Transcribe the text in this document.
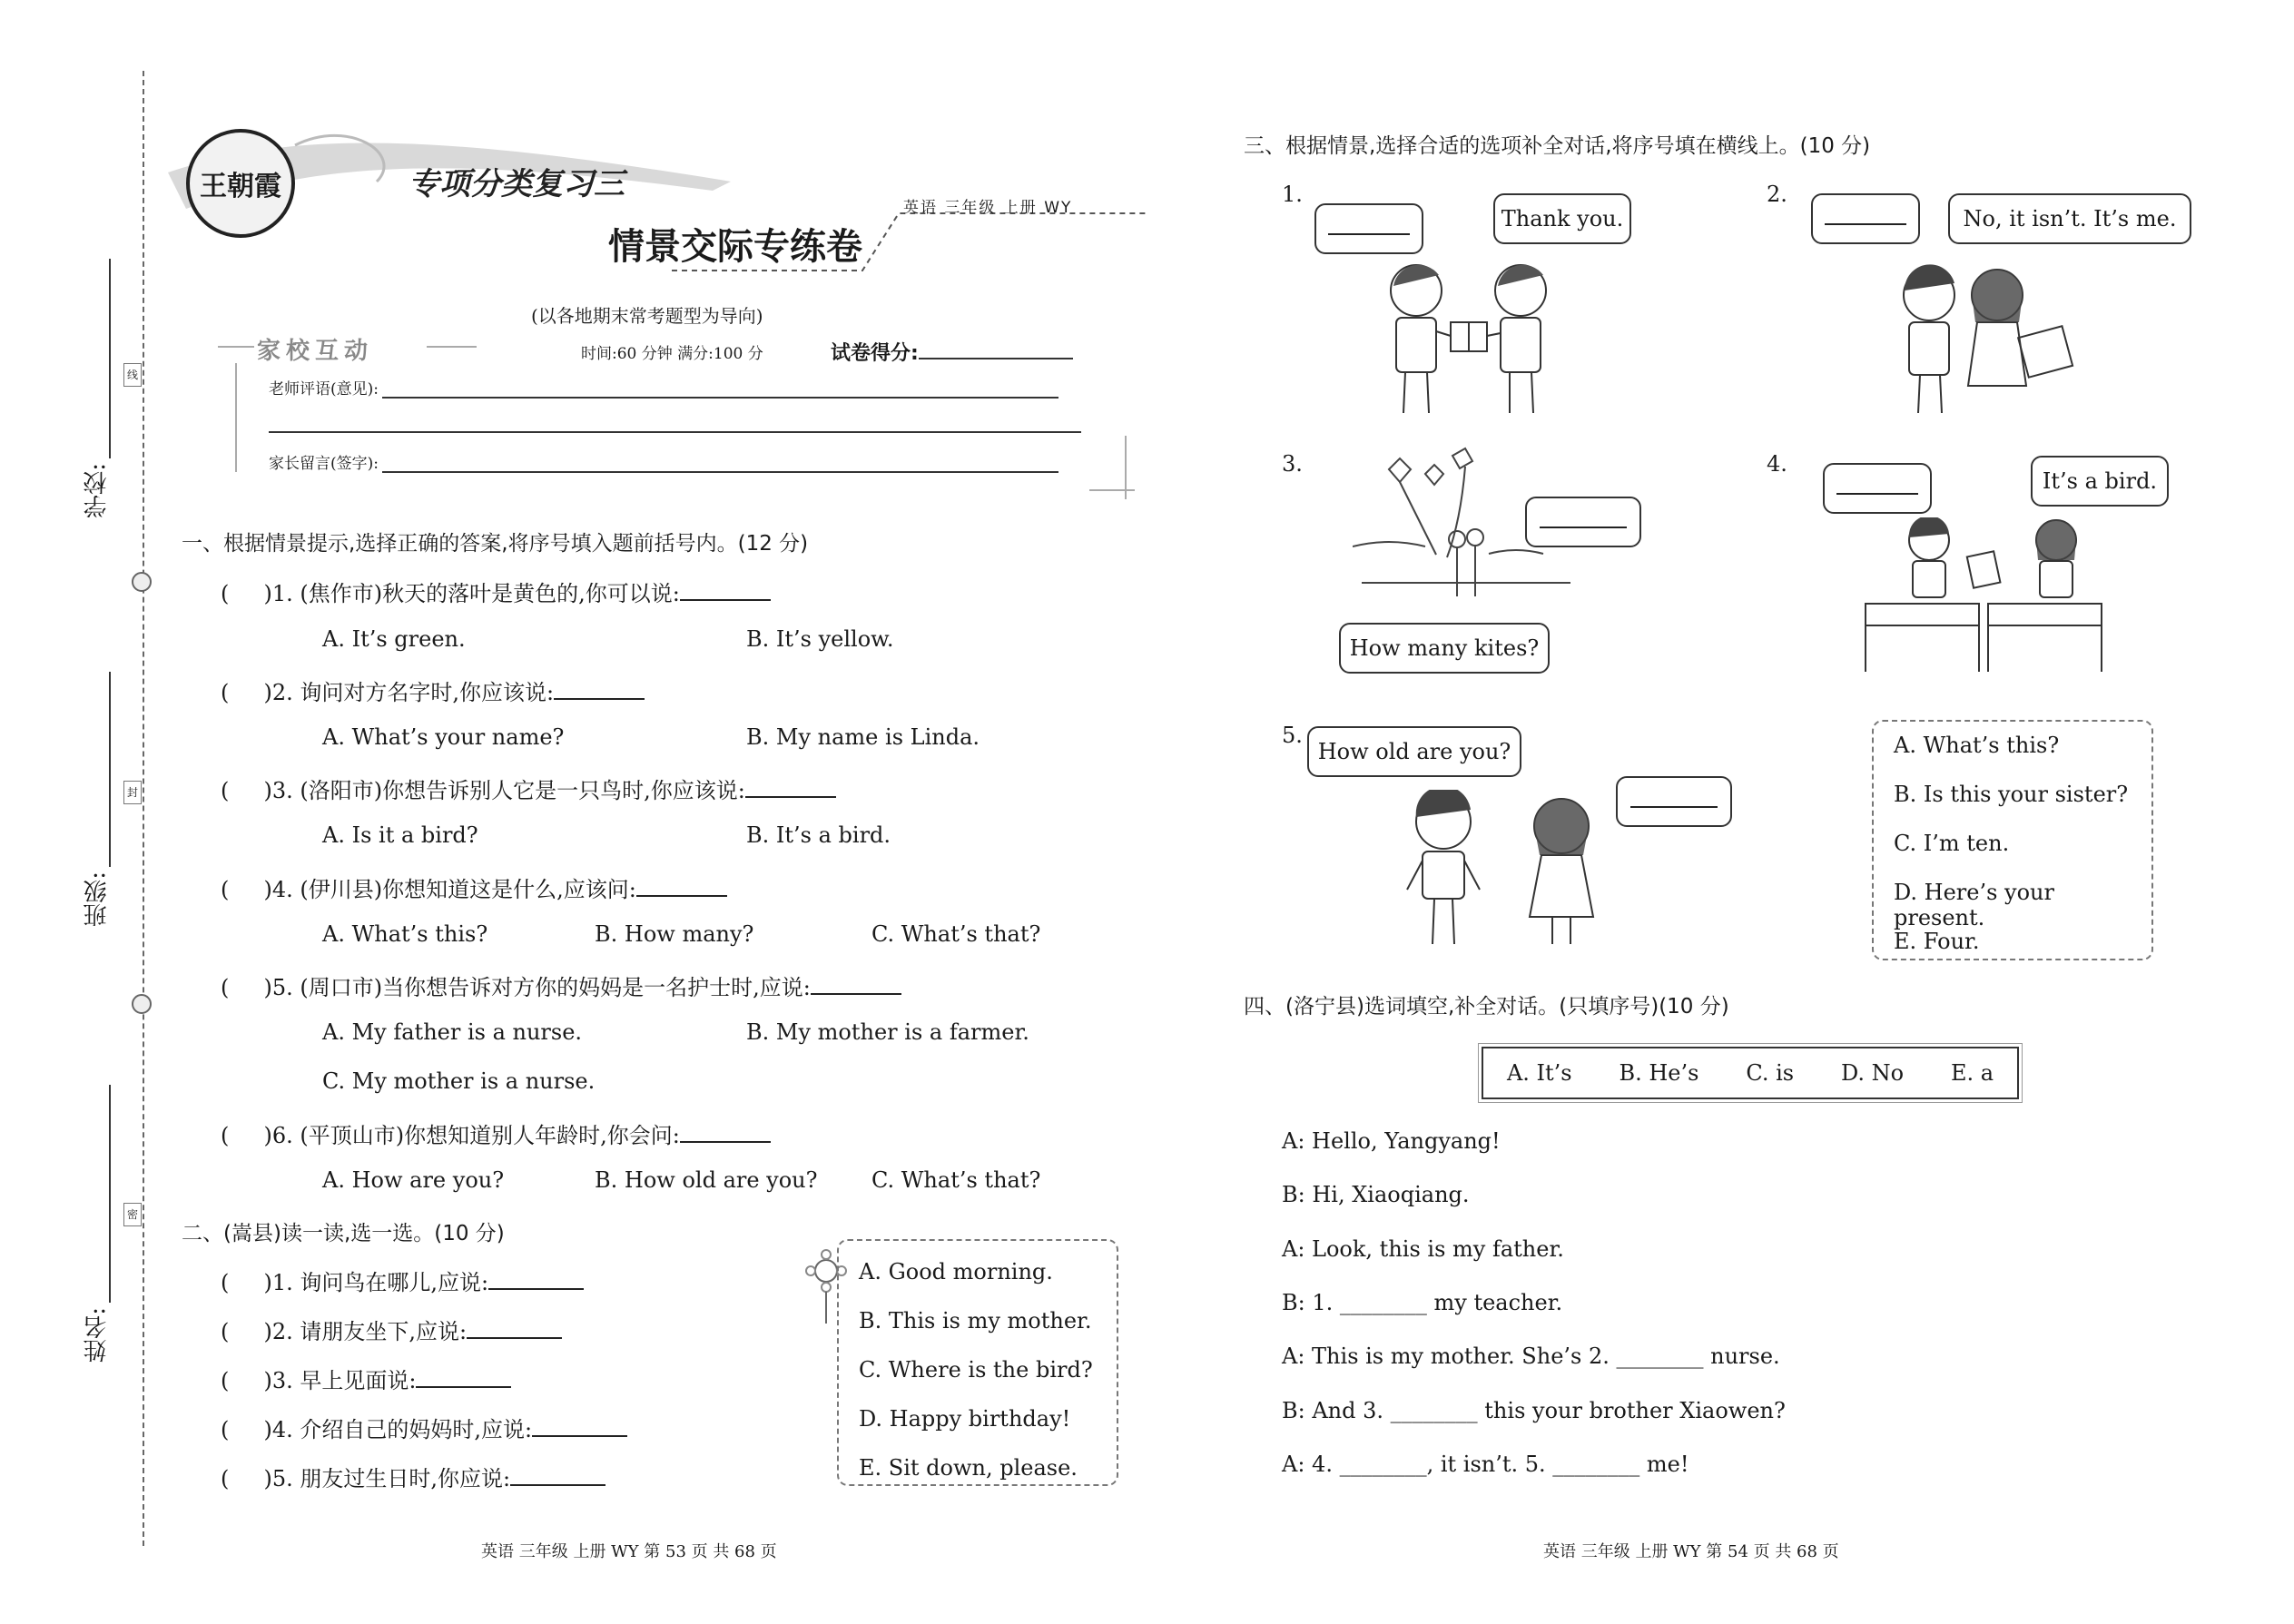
学校:
班级:
姓名:
线
封
密
王朝霞	专项分类复习三
情景交际专练卷
英语 三年级 上册 WY
(以各地期末常考题型为导向)
家校互动	时间:60 分钟 满分:100 分	试卷得分:
老师评语(意见):
家长留言(签字):
一、根据情景提示,选择正确的答案,将序号填入题前括号内。(12 分)
(     )1. (焦作市)秋天的落叶是黄色的,你可以说:
A. It’s green.	B. It’s yellow.
(     )2. 询问对方名字时,你应该说:
A. What’s your name?	B. My name is Linda.
(     )3. (洛阳市)你想告诉别人它是一只鸟时,你应该说:
A. Is it a bird?	B. It’s a bird.
(     )4. (伊川县)你想知道这是什么,应该问:
A. What’s this?	B. How many?	C. What’s that?
(     )5. (周口市)当你想告诉对方你的妈妈是一名护士时,应说:
A. My father is a nurse.	B. My mother is a farmer.
C. My mother is a nurse.
(     )6. (平顶山市)你想知道别人年龄时,你会问:
A. How are you?	B. How old are you? C. What’s that?
二、(嵩县)读一读,选一选。(10 分)
(     )1. 询问鸟在哪儿,应说:
(     )2. 请朋友坐下,应说:
(     )3. 早上见面说:
(     )4. 介绍自己的妈妈时,应说:
(     )5. 朋友过生日时,你应说:
A. Good morning.
B. This is my mother.
C. Where is the bird?
D. Happy birthday!
E. Sit down, please.
英语 三年级 上册 WY 第 53 页 共 68 页
三、根据情景,选择合适的选项补全对话,将序号填在横线上。(10 分)
1.
Thank you.
2.
No, it isn’t. It’s me.
3.
How many kites?
4.
It’s a bird.
5.
How old are you?	A. What’s this?
B. Is this your sister?
C. I’m ten.
D. Here’s your present.
E. Four.
四、(洛宁县)选词填空,补全对话。(只填序号)(10 分)
A. It’s B. He’s C. is D. No E. a
A: Hello, Yangyang!
B: Hi, Xiaoqiang.
A: Look, this is my father.
B: 1. ________ my teacher.
A: This is my mother. She’s 2. ________ nurse.
B: And 3. ________ this your brother Xiaowen?
A: 4. ________, it isn’t. 5. ________ me!
英语 三年级 上册 WY 第 54 页 共 68 页
